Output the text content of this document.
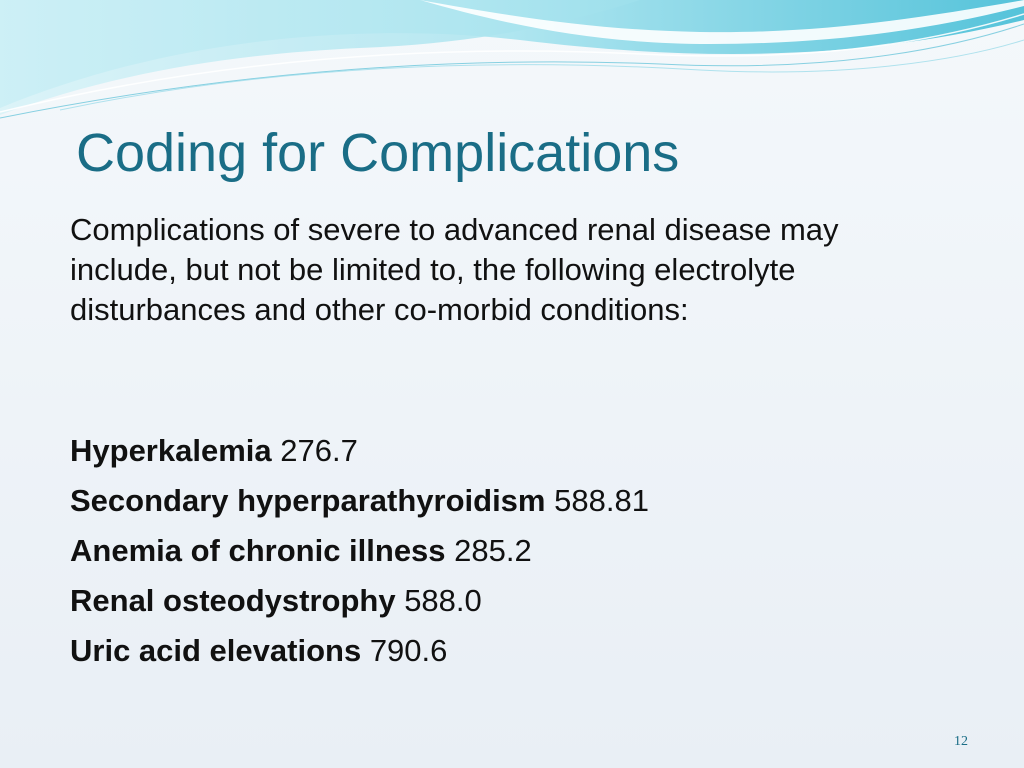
Coding for Complications

Complications of severe to advanced renal disease may include, but not be limited to, the following electrolyte disturbances and other co-morbid conditions:

Hyperkalemia 276.7
Secondary hyperparathyroidism 588.81
Anemia of chronic illness 285.2
Renal osteodystrophy 588.0
Uric acid elevations 790.6
12
